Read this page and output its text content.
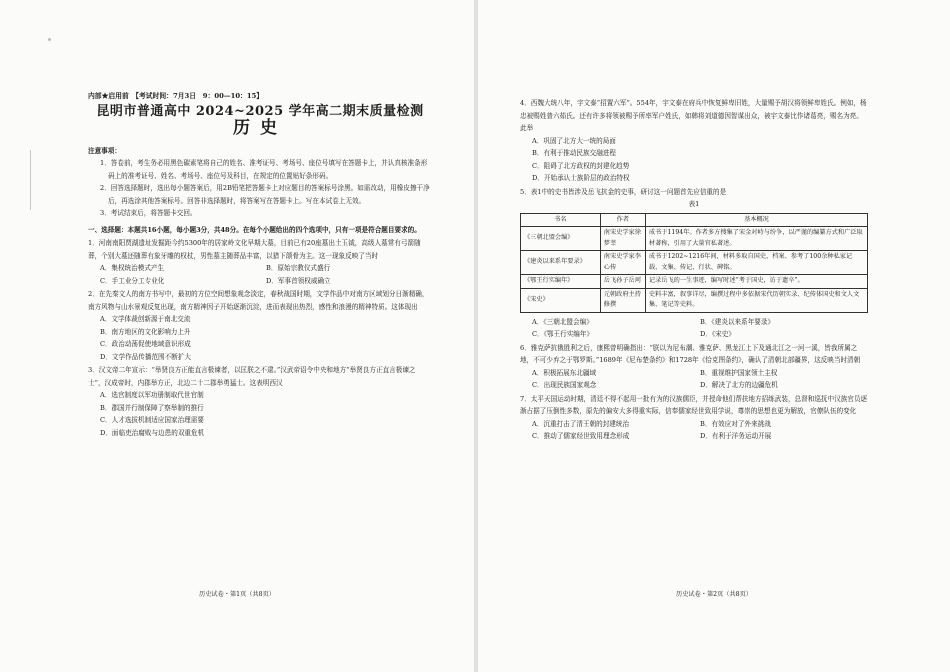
内部★启用前　【考试时间：7月3日　9：00—10：15】
昆明市普通高中 2024~2025 学年高二期末质量检测
历史
注意事项：
1．答卷前，考生务必用黑色碳素笔将自己的姓名、准考证号、考场号、座位号填写在答题卡上，并认真核准条形码上的准考证号、姓名、考场号、座位号及科目，在规定的位置贴好条形码。
2．回答选择题时，选出每小题答案后，用2B铅笔把答题卡上对应题目的答案标号涂黑。如需改动，用橡皮擦干净后，再选涂其他答案标号。回答非选择题时，将答案写在答题卡上。写在本试卷上无效。
3．考试结束后，将答题卡交回。
一、选择题：本题共16小题，每小题3分，共48分。在每个小题给出的四个选项中，只有一项是符合题目要求的。
1．河南南阳贾湖遗址发掘距今约5300年的居家岭文化早期大墓，目前已有20座墓出土玉钺，高级人墓常有弓箭随葬，个别大墓还随葬有象牙雕的权杖，男性墓主随葬品丰富，以猎下颌骨为主。这一现象反映了当时
A．集权统治模式产生	B．原始宗教仪式盛行
C．手工业分工专业化	D．军事首领权威确立
2．在先秦文人的南方书写中，最初的方位空间想象观念淡定，春秋战国时期，文学作品中对南方区域划分日渐精确，南方风物与山水景观反复出现，南方精神因子开始逐渐沉淀，进而表现出热烈，感性和浪漫的精神特质。这体现出
A．文学体裁创新源于南北交流
B．南方地区的文化影响力上升
C．政治动荡促使地域意识形成
D．文学作品传播范围不断扩大
3．汉文帝二年宣示：“举贤良方正能直言极谏者，以匡朕之不逮。”汉武帝诏令中央和地方“举贤良方正直言极谏之士”，汉成帝时，内郡举方正，北边二十二郡举勇猛士。这表明西汉
A．选官制度以军功册制取代世官制
B．郡国并行制保障了察举制的推行
C．人才选拔机制适应国家治理需要
D．面临吏治腐败与边患的双重危机
历史试卷・第1页（共8页）
4．西魏大统八年，宇文泰“招置六军”。554年，宇文泰在府兵中恢复鲜卑旧姓，大量赐予胡汉将领鲜卑姓氏。例如，杨忠被赐姓普六茹氏。还有许多将领被赐予所率军户姓氏，如韩将刘道德因智谋出众，被宇文泰比作诸葛亮，赐名为亮。此举
A．巩固了北方大一统的局面
B．有利于推动民族交融进程
C．阻碍了北方政权的封建化趋势
D．开始承认士族阶层的政治特权
5．表1中的史书皆涉及岳飞抗金的史事，研讨这一问题首先应信重的是
表1
书名	作者	基本概况
《三朝北盟会编》	南宋史学家徐梦莘	成书于1194年。作者多方搜集了宋金对峙与纷争，以严谨的编纂方式和广泛取材著称，引用了大量官私著述。
《建炎以来系年要录》	南宋史学家李心传	成书于1202~1216年间，材料多取自国史、档案、参考了100余种私家记载、文集、传记、行状、碑铭。
《鄂王行实编年》	岳飞孙子岳珂	记录岳飞的一生事迹，编写时述“考于国史，访于遗卒”。
《宋史》	元朝政府主持修撰	史料丰富，叙事详尽，编撰过程中多依据宋代历朝实录、纪传体国史和文人文集、笔记等史料。
A．《三朝北盟会编》	B．《建炎以来系年要录》
C．《鄂王行实编年》	D．《宋史》
6．雅克萨抗俄胜利之后，康熙曾明确指出：“朕以为尼布潮、雅克萨、黑龙江上下及通北江之一河一溪，皆我所属之地，不可少弃之于鄂罗斯。”1689年《尼布楚条约》和1728年《恰克图条约》，确认了清朝北部疆界，这反映当时清朝
A．积极拓展东北疆域	B．重视维护国家领土主权
C．出现民族国家观念	D．解决了北方的边疆危机
7．太平天国运动时期，清廷不得不起用一批有为的汉族儒臣，并授命他们帮扶地方招练武装，总督和巡抚中汉族官员逐渐占据了压倒性多数，原先的偏安大多得重实际，信奉儒家经世致用学说，尊崇的思想也更为解放，官僚队伍的变化
A．沉重打击了清王朝的封建统治	B．有效应对了外来挑战
C．推动了儒家经世致用理念形成	D．有利于洋务运动开展
历史试卷・第2页（共8页）
